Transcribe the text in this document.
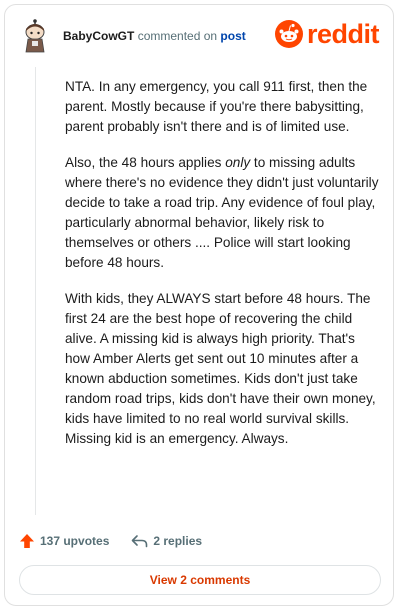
BabyCowGT commented on post reddit

NTA. In any emergency, you call 911 first, then the parent. Mostly because if you're there babysitting, parent probably isn't there and is of limited use.

Also, the 48 hours applies only to missing adults where there's no evidence they didn't just voluntarily decide to take a road trip. Any evidence of foul play, particularly abnormal behavior, likely risk to themselves or others .... Police will start looking before 48 hours.

With kids, they ALWAYS start before 48 hours. The first 24 are the best hope of recovering the child alive. A missing kid is always high priority. That's how Amber Alerts get sent out 10 minutes after a known abduction sometimes. Kids don't just take random road trips, kids don't have their own money, kids have limited to no real world survival skills. Missing kid is an emergency. Always.

137 upvotes	2 replies
View 2 comments
